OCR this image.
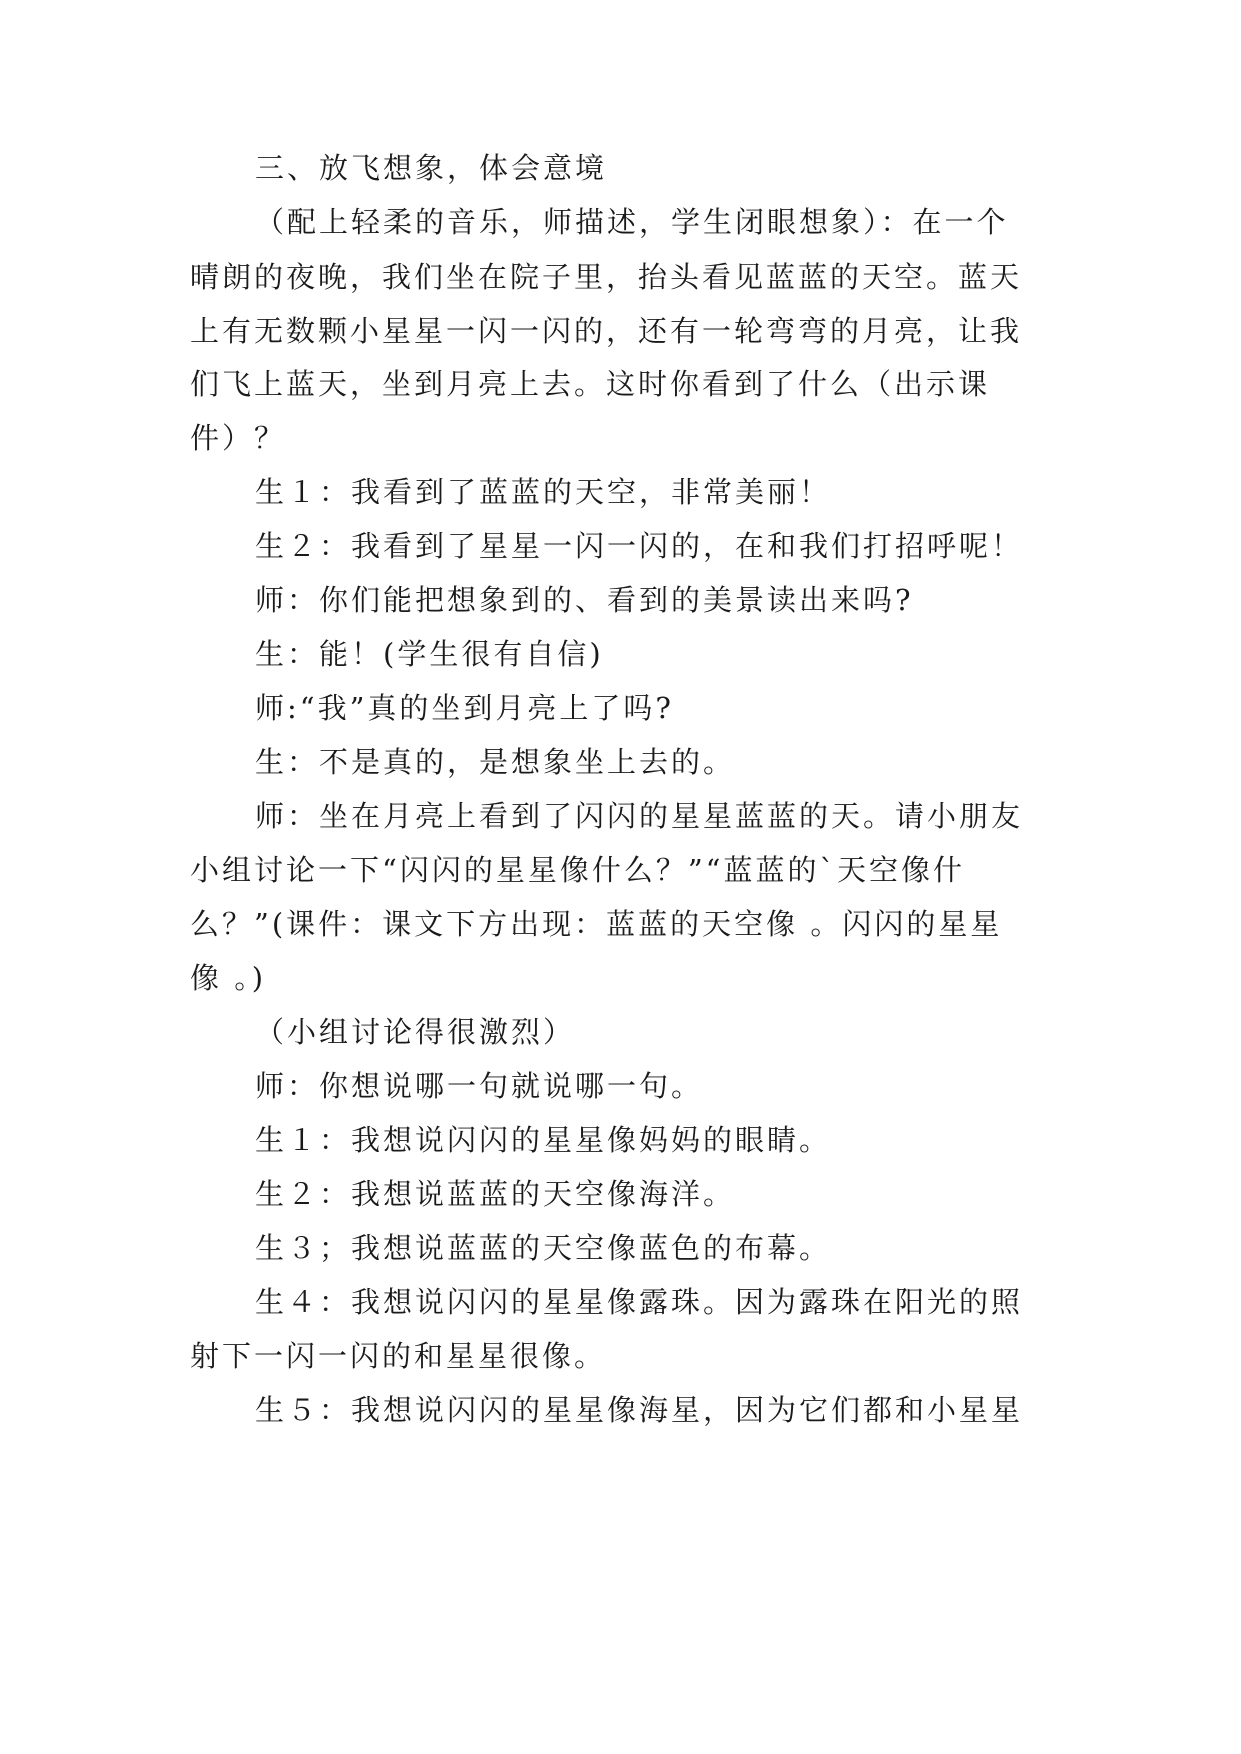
三、放飞想象，体会意境

（配上轻柔的音乐，师描述，学生闭眼想象）：在一个

晴朗的夜晚，我们坐在院子里，抬头看见蓝蓝的天空。蓝天

上有无数颗小星星一闪一闪的，还有一轮弯弯的月亮，让我

们飞上蓝天，坐到月亮上去。这时你看到了什么（出示课

件）？

生１：我看到了蓝蓝的天空，非常美丽！

生２：我看到了星星一闪一闪的，在和我们打招呼呢！

师：你们能把想象到的、看到的美景读出来吗?

生：能！(学生很有自信)

师:“我”真的坐到月亮上了吗?

生：不是真的，是想象坐上去的。

师：坐在月亮上看到了闪闪的星星蓝蓝的天。请小朋友

小组讨论一下“闪闪的星星像什么？”“蓝蓝的`天空像什

么？”(课件：课文下方出现：蓝蓝的天空像 。闪闪的星星

像 。)

（小组讨论得很激烈）

师：你想说哪一句就说哪一句。

生１：我想说闪闪的星星像妈妈的眼睛。

生２：我想说蓝蓝的天空像海洋。

生３；我想说蓝蓝的天空像蓝色的布幕。

生４：我想说闪闪的星星像露珠。因为露珠在阳光的照

射下一闪一闪的和星星很像。

生５：我想说闪闪的星星像海星，因为它们都和小星星
